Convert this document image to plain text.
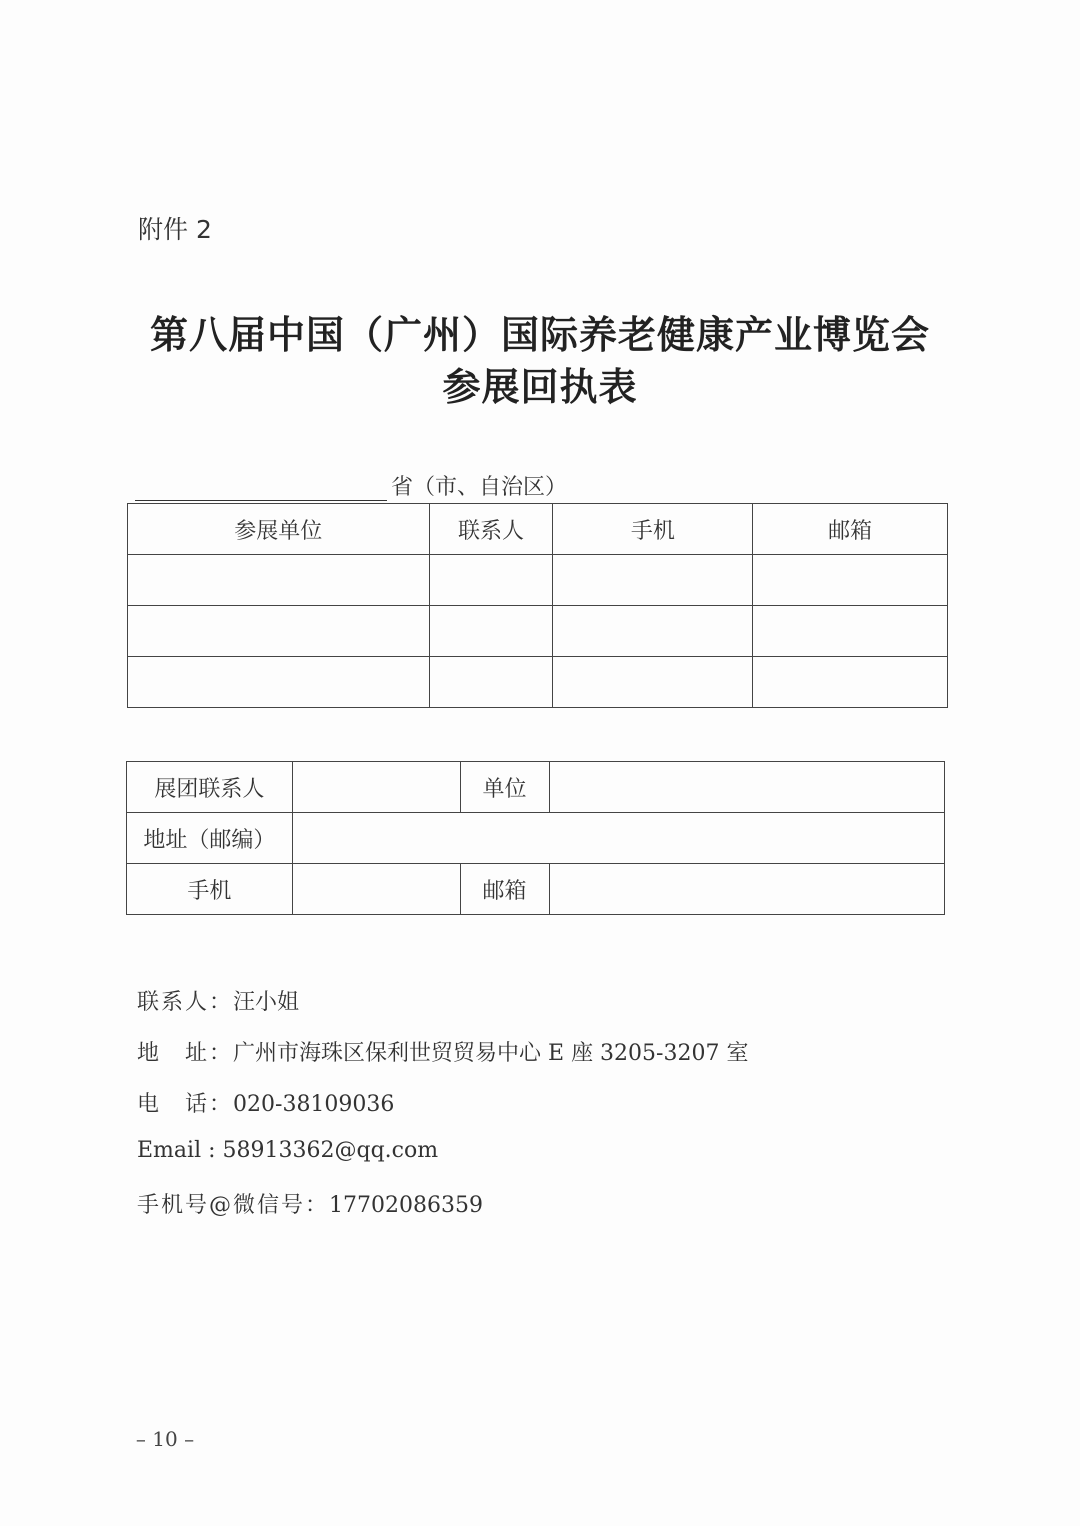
附件 2
第八届中国（广州）国际养老健康产业博览会
参展回执表
省（市、自治区）
参展单位	联系人	手机	邮箱

展团联系人		单位	
地址（邮编）			
手机		邮箱	
联系人：汪小姐
地　址：广州市海珠区保利世贸贸易中心 E 座 3205-3207 室
电　话：020-38109036
Email : 58913362@qq.com
手机号@微信号：17702086359
– 10 –
